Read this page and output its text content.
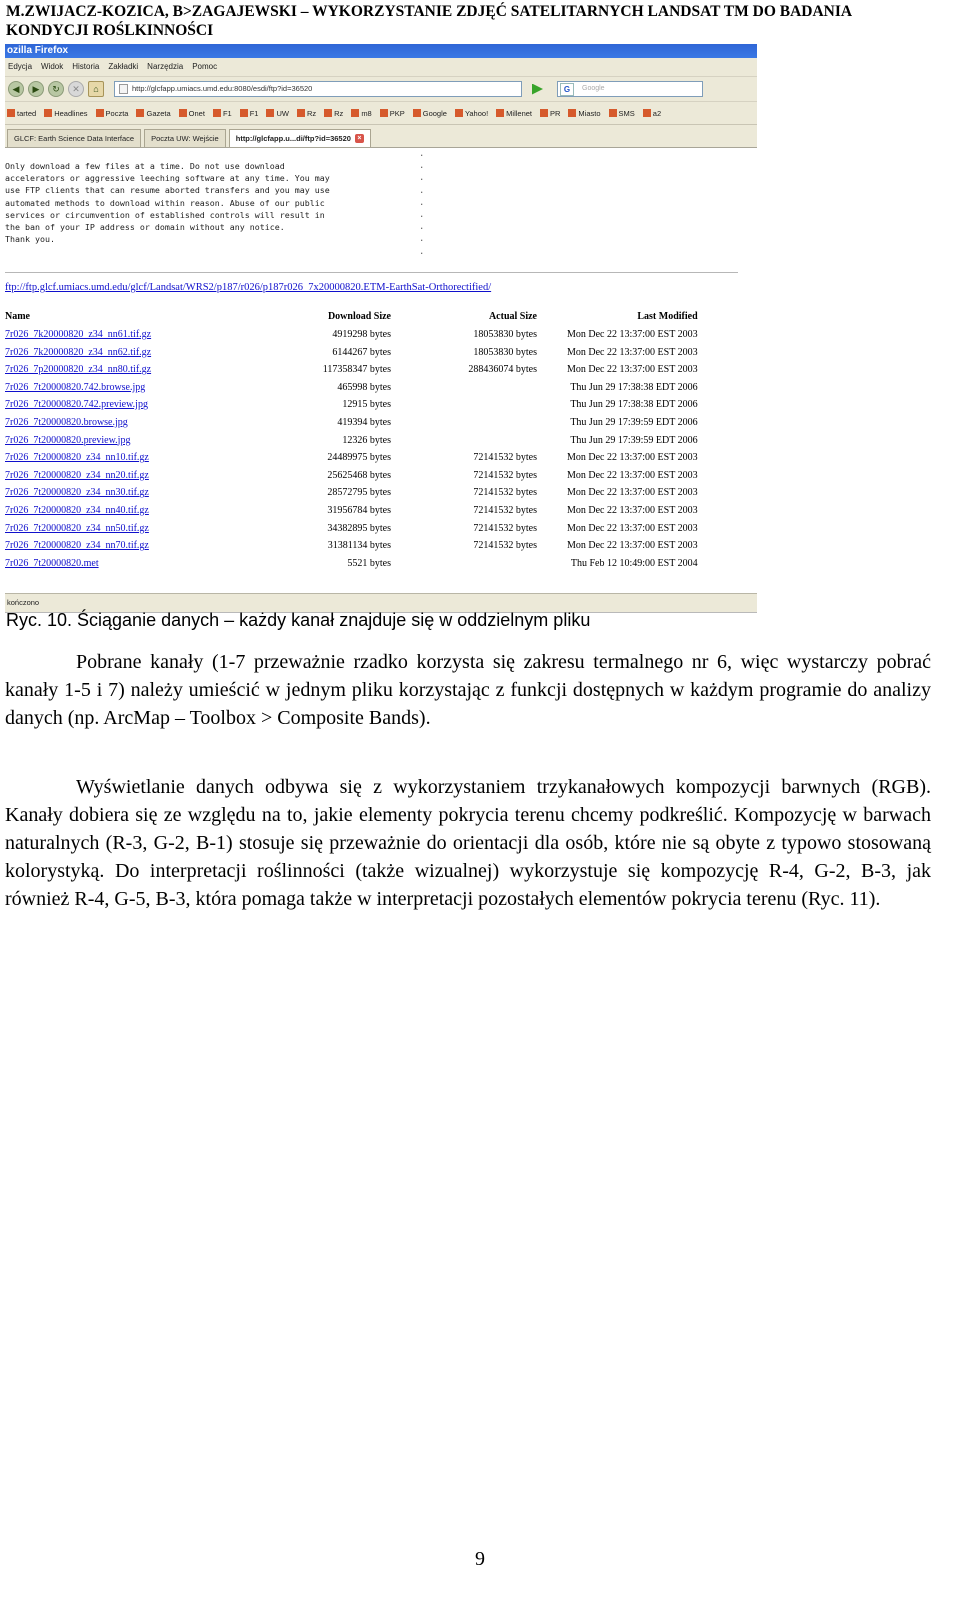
M.ZWIJACZ-KOZICA, B>ZAGAJEWSKI – WYKORZYSTANIE ZDJĘĆ SATELITARNYCH LANDSAT TM DO BADANIA KONDYCJI ROŚLKINNOŚCI
ozilla Firefox
Edycja Widok Historia Zakładki Narzędzia Pomoc
◀	▶	↻	✕	⌂	http://glcfapp.umiacs.umd.edu:8080/esdi/ftp?id=36520	G	Google
tarted Headlines Poczta Gazeta Onet F1 F1 UW Rz Rz m8 PKP Google Yahoo! Millenet PR Miasto SMS a2
GLCF: Earth Science Data Interface Poczta UW: Wejście http://glcfapp.u...di/ftp?id=36520 ×
Only download a few files at a time. Do not use download
accelerators or aggressive leeching software at any time. You may
use FTP clients that can resume aborted transfers and you may use
automated methods to download within reason. Abuse of our public
services or circumvention of established controls will result in
the ban of your IP address or domain without any notice.
Thank you.
.
.
.
.
.
.
.
.
.
ftp://ftp.glcf.umiacs.umd.edu/glcf/Landsat/WRS2/p187/r026/p187r026_7x20000820.ETM-EarthSat-Orthorectified/
Name	Download Size	Actual Size	Last Modified
7r026_7k20000820_z34_nn61.tif.gz	4919298 bytes	18053830 bytes	Mon Dec 22 13:37:00 EST 2003
7r026_7k20000820_z34_nn62.tif.gz	6144267 bytes	18053830 bytes	Mon Dec 22 13:37:00 EST 2003
7r026_7p20000820_z34_nn80.tif.gz	117358347 bytes	288436074 bytes	Mon Dec 22 13:37:00 EST 2003
7r026_7t20000820.742.browse.jpg	465998 bytes		Thu Jun 29 17:38:38 EDT 2006
7r026_7t20000820.742.preview.jpg	12915 bytes		Thu Jun 29 17:38:38 EDT 2006
7r026_7t20000820.browse.jpg	419394 bytes		Thu Jun 29 17:39:59 EDT 2006
7r026_7t20000820.preview.jpg	12326 bytes		Thu Jun 29 17:39:59 EDT 2006
7r026_7t20000820_z34_nn10.tif.gz	24489975 bytes	72141532 bytes	Mon Dec 22 13:37:00 EST 2003
7r026_7t20000820_z34_nn20.tif.gz	25625468 bytes	72141532 bytes	Mon Dec 22 13:37:00 EST 2003
7r026_7t20000820_z34_nn30.tif.gz	28572795 bytes	72141532 bytes	Mon Dec 22 13:37:00 EST 2003
7r026_7t20000820_z34_nn40.tif.gz	31956784 bytes	72141532 bytes	Mon Dec 22 13:37:00 EST 2003
7r026_7t20000820_z34_nn50.tif.gz	34382895 bytes	72141532 bytes	Mon Dec 22 13:37:00 EST 2003
7r026_7t20000820_z34_nn70.tif.gz	31381134 bytes	72141532 bytes	Mon Dec 22 13:37:00 EST 2003
7r026_7t20000820.met	5521 bytes		Thu Feb 12 10:49:00 EST 2004
kończono
Ryc. 10. Ściąganie danych – każdy kanał znajduje się w oddzielnym pliku

Pobrane kanały (1-7 przeważnie rzadko korzysta się zakresu termalnego nr 6, więc wystarczy pobrać kanały 1-5 i 7) należy umieścić w jednym pliku korzystając z funkcji dostępnych w każdym programie do analizy danych (np. ArcMap – Toolbox > Composite Bands).

Wyświetlanie danych odbywa się z wykorzystaniem trzykanałowych kompozycji barwnych (RGB). Kanały dobiera się ze względu na to, jakie elementy pokrycia terenu chcemy podkreślić. Kompozycję w barwach naturalnych (R-3, G-2, B-1) stosuje się przeważnie do orientacji dla osób, które nie są obyte z typowo stosowaną kolorystyką. Do interpretacji roślinności (także wizualnej) wykorzystuje się kompozycję R-4, G-2, B-3, jak również R-4, G-5, B-3, która pomaga także w interpretacji pozostałych elementów pokrycia terenu (Ryc. 11).

9
